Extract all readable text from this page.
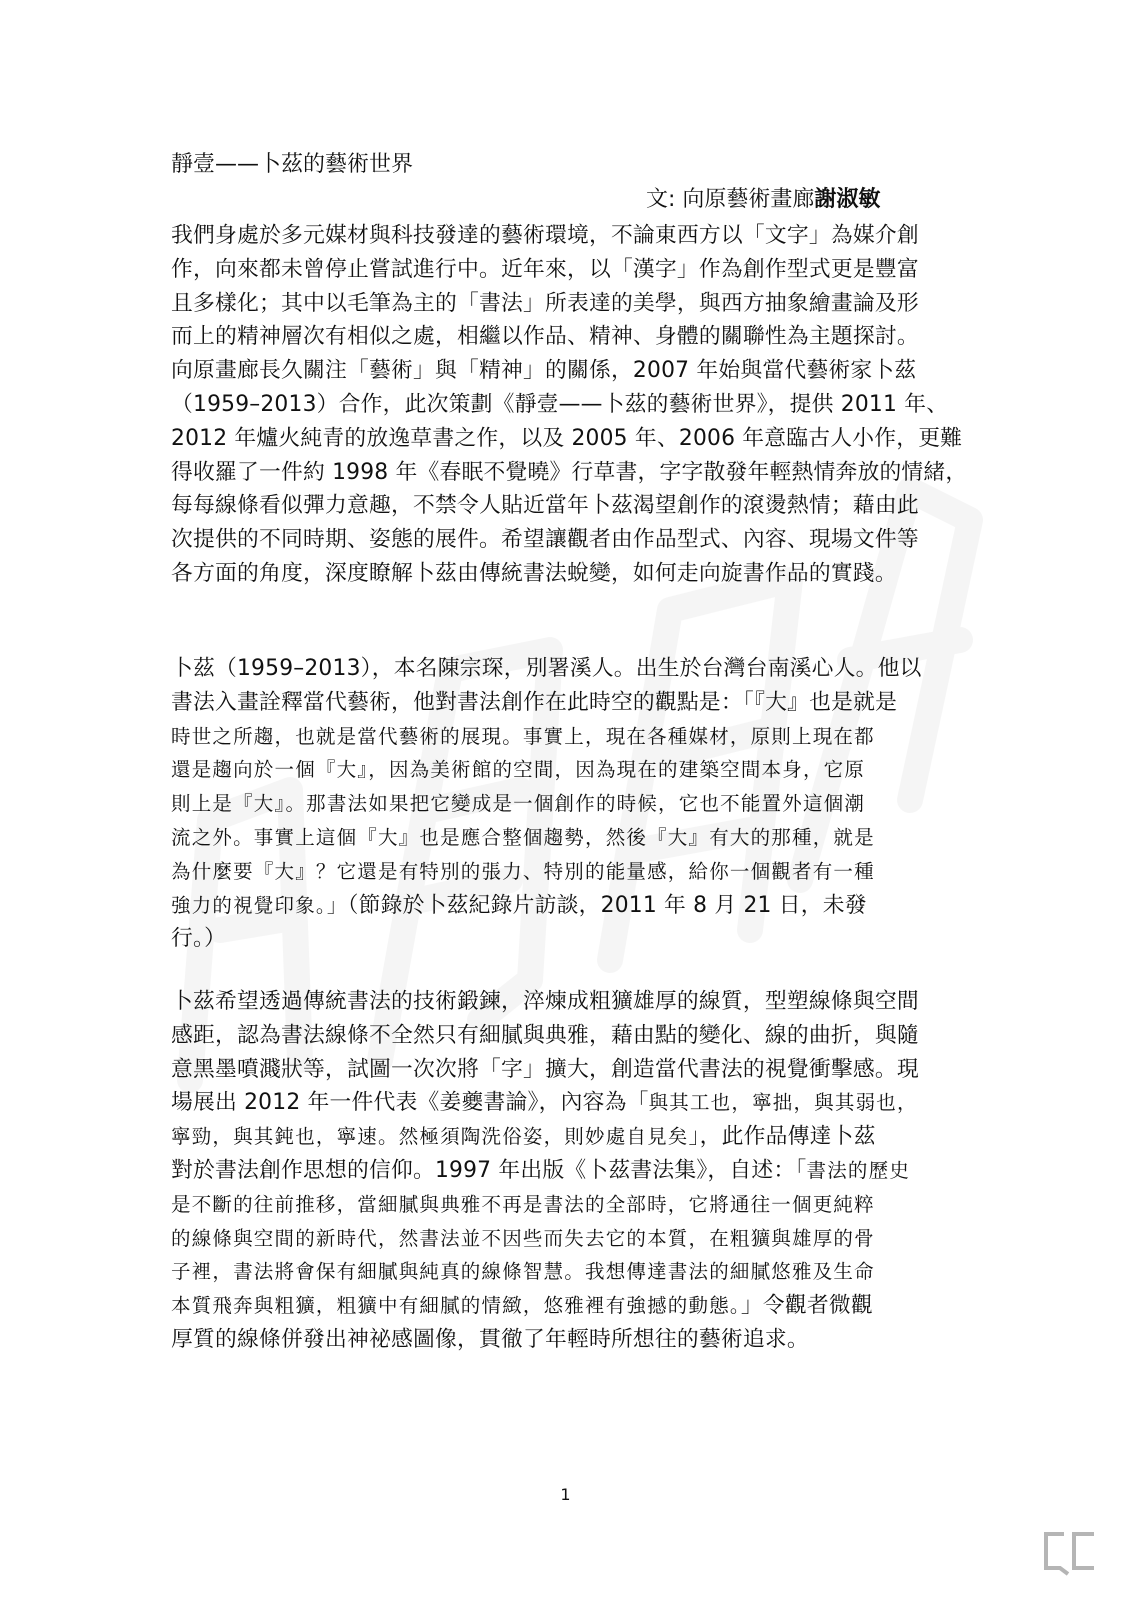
靜壹——卜茲的藝術世界
文: 向原藝術畫廊謝淑敏
我們身處於多元媒材與科技發達的藝術環境，不論東西方以「文字」為媒介創
作，向來都未曾停止嘗試進行中。近年來，以「漢字」作為創作型式更是豐富
且多樣化；其中以毛筆為主的「書法」所表達的美學，與西方抽象繪畫論及形
而上的精神層次有相似之處，相繼以作品、精神、身體的關聯性為主題探討。
向原畫廊長久關注「藝術」與「精神」的關係，2007 年始與當代藝術家卜茲
（1959–2013）合作，此次策劃《靜壹——卜茲的藝術世界》，提供 2011 年、
2012 年爐火純青的放逸草書之作，以及 2005 年、2006 年意臨古人小作，更難
得收羅了一件約 1998 年《春眠不覺曉》行草書，字字散發年輕熱情奔放的情緒，
每每線條看似彈力意趣，不禁令人貼近當年卜茲渴望創作的滾燙熱情；藉由此
次提供的不同時期、姿態的展件。希望讓觀者由作品型式、內容、現場文件等
各方面的角度，深度瞭解卜茲由傳統書法蛻變，如何走向旋書作品的實踐。
卜茲（1959–2013），本名陳宗琛，別署溪人。出生於台灣台南溪心人。他以
書法入畫詮釋當代藝術，他對書法創作在此時空的觀點是：「『大』也是就是
時世之所趨，也就是當代藝術的展現。事實上，現在各種媒材，原則上現在都
還是趨向於一個『大』，因為美術館的空間，因為現在的建築空間本身，它原
則上是『大』。那書法如果把它變成是一個創作的時候，它也不能置外這個潮
流之外。事實上這個『大』也是應合整個趨勢，然後『大』有大的那種，就是
為什麼要『大』？它還是有特別的張力、特別的能量感，給你一個觀者有一種
強力的視覺印象。」（節錄於卜茲紀錄片訪談，2011 年 8 月 21 日，未發
行。）
卜茲希望透過傳統書法的技術鍛鍊，淬煉成粗獷雄厚的線質，型塑線條與空間
感距，認為書法線條不全然只有細膩與典雅，藉由點的變化、線的曲折，與隨
意黑墨噴濺狀等，試圖一次次將「字」擴大，創造當代書法的視覺衝擊感。現
場展出 2012 年一件代表《姜夔書論》，內容為「與其工也，寧拙，與其弱也，
寧勁，與其鈍也，寧速。然極須陶洗俗姿，則妙處自見矣」，此作品傳達卜茲
對於書法創作思想的信仰。1997 年出版《卜茲書法集》，自述：「書法的歷史
是不斷的往前推移，當細膩與典雅不再是書法的全部時，它將通往一個更純粹
的線條與空間的新時代，然書法並不因些而失去它的本質，在粗獷與雄厚的骨
子裡，書法將會保有細膩與純真的線條智慧。我想傳達書法的細膩悠雅及生命
本質飛奔與粗獷，粗獷中有細膩的情緻，悠雅裡有強撼的動態。」令觀者微觀
厚質的線條併發出神祕感圖像，貫徹了年輕時所想往的藝術追求。
1
